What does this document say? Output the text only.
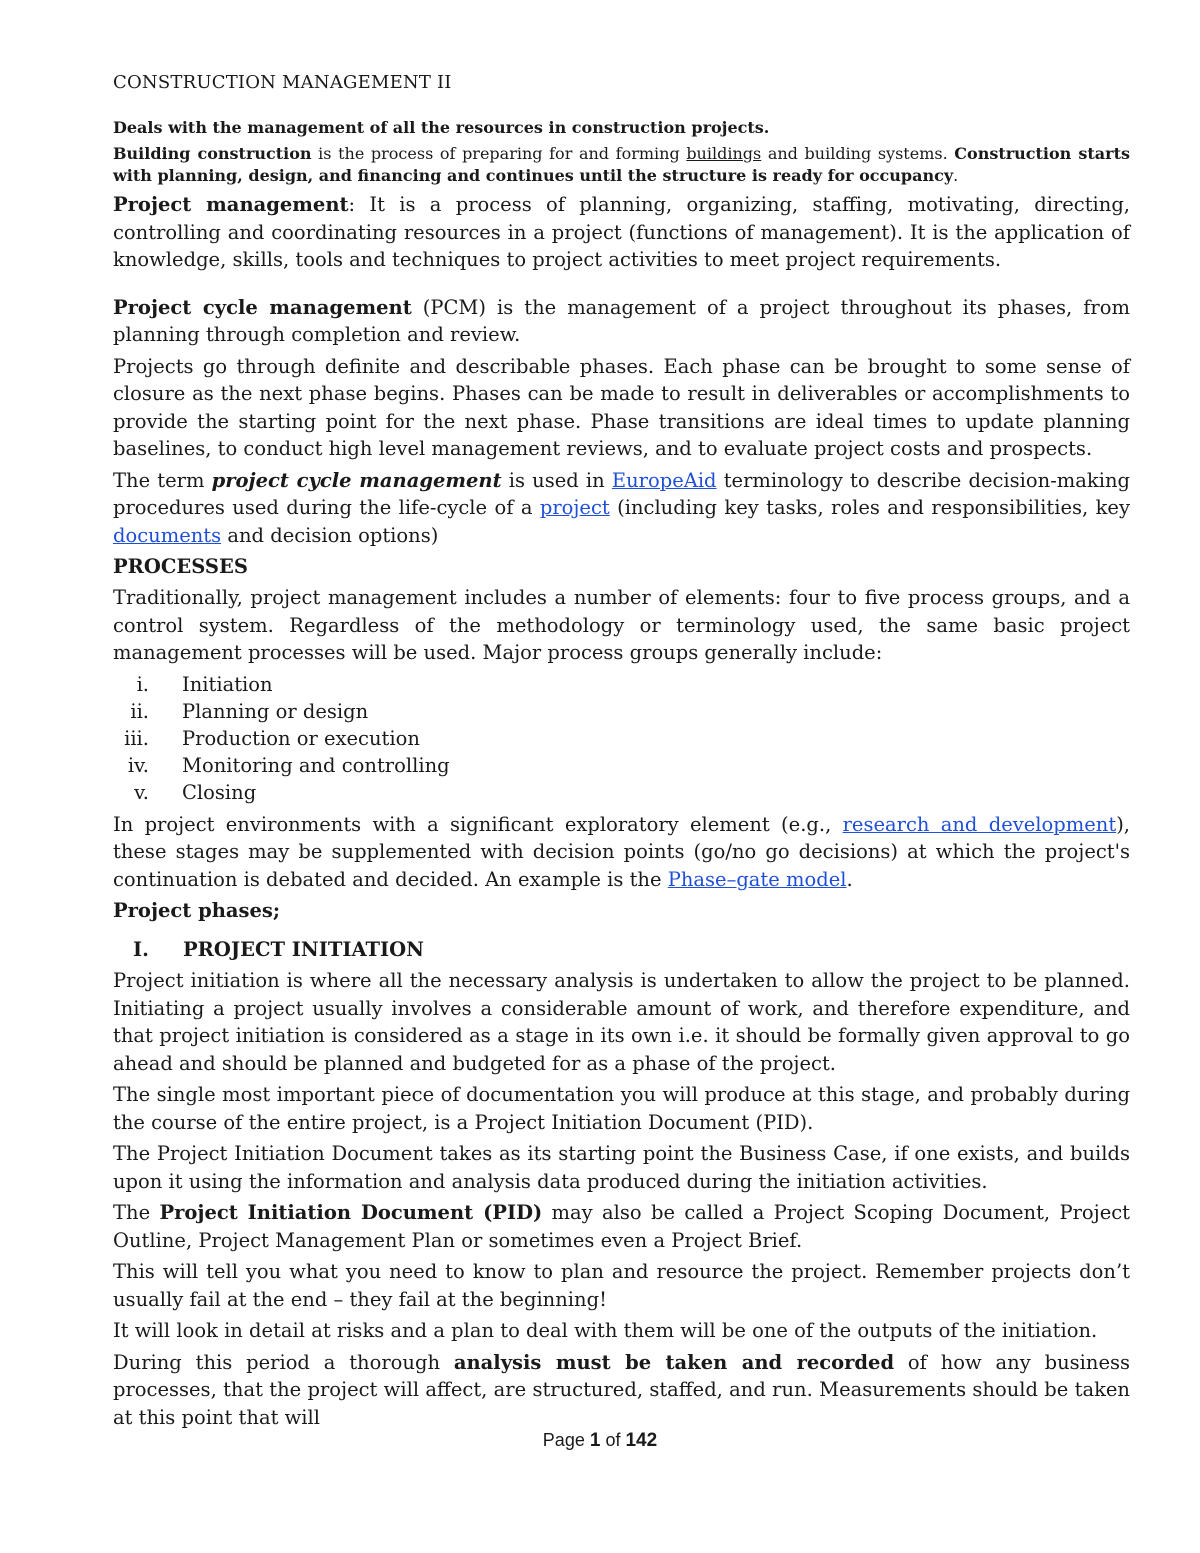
CONSTRUCTION MANAGEMENT II

Deals with the management of all the resources in construction projects.

Building construction is the process of preparing for and forming buildings and building systems. Construction starts with planning, design, and financing and continues until the structure is ready for occupancy.

Project management: It is a process of planning, organizing, staffing, motivating, directing, controlling and coordinating resources in a project (functions of management). It is the application of knowledge, skills, tools and techniques to project activities to meet project requirements.

Project cycle management (PCM) is the management of a project throughout its phases, from planning through completion and review.

Projects go through definite and describable phases. Each phase can be brought to some sense of closure as the next phase begins. Phases can be made to result in deliverables or accomplishments to provide the starting point for the next phase. Phase transitions are ideal times to update planning baselines, to conduct high level management reviews, and to evaluate project costs and prospects.

The term project cycle management is used in EuropeAid terminology to describe decision-making procedures used during the life-cycle of a project (including key tasks, roles and responsibilities, key documents and decision options)

PROCESSES

Traditionally, project management includes a number of elements: four to five process groups, and a control system. Regardless of the methodology or terminology used, the same basic project management processes will be used. Major process groups generally include:

i.	Initiation
ii.	Planning or design
iii.	Production or execution
iv.	Monitoring and controlling
v.	Closing

In project environments with a significant exploratory element (e.g., research and development), these stages may be supplemented with decision points (go/no go decisions) at which the project's continuation is debated and decided. An example is the Phase–gate model.

Project phases;

I.	PROJECT INITIATION

Project initiation is where all the necessary analysis is undertaken to allow the project to be planned. Initiating a project usually involves a considerable amount of work, and therefore expenditure, and that project initiation is considered as a stage in its own i.e. it should be formally given approval to go ahead and should be planned and budgeted for as a phase of the project.

The single most important piece of documentation you will produce at this stage, and probably during the course of the entire project, is a Project Initiation Document (PID).

The Project Initiation Document takes as its starting point the Business Case, if one exists, and builds upon it using the information and analysis data produced during the initiation activities.

The Project Initiation Document (PID) may also be called a Project Scoping Document, Project Outline, Project Management Plan or sometimes even a Project Brief.

This will tell you what you need to know to plan and resource the project. Remember projects don’t usually fail at the end – they fail at the beginning!

It will look in detail at risks and a plan to deal with them will be one of the outputs of the initiation.

During this period a thorough analysis must be taken and recorded of how any business processes, that the project will affect, are structured, staffed, and run. Measurements should be taken at this point that will

Page 1 of 142
